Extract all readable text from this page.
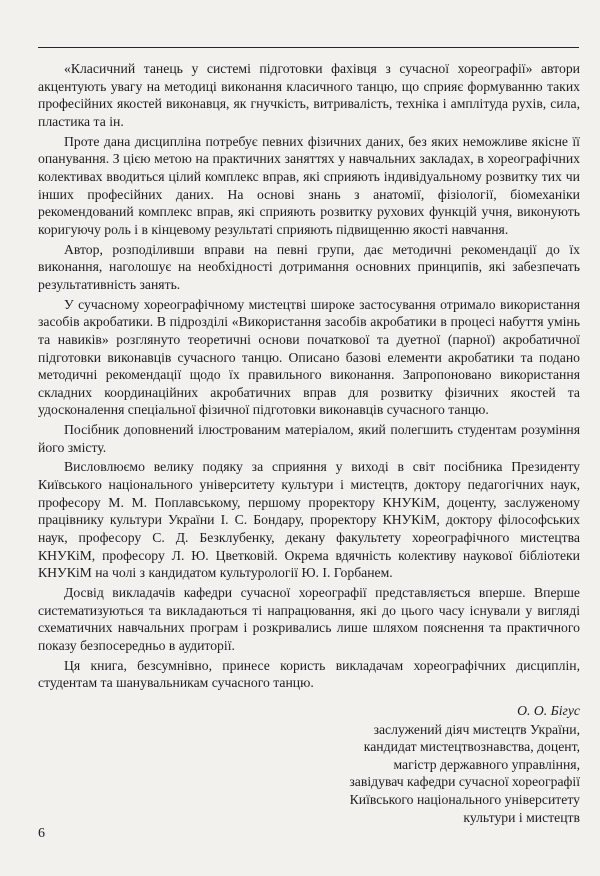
«Класичний танець у системі підготовки фахівця з сучасної хореографії» автори акцентують увагу на методиці виконання класичного танцю, що сприяє формуванню таких професійних якостей виконавця, як гнучкість, витривалість, техніка і амплітуда рухів, сила, пластика та ін.

Проте дана дисципліна потребує певних фізичних даних, без яких неможливе якісне її опанування. З цією метою на практичних заняттях у навчальних закладах, в хореографічних колективах вводиться цілий комплекс вправ, які сприяють індивідуальному розвитку тих чи інших професійних даних. На основі знань з анатомії, фізіології, біомеханіки рекомендований комплекс вправ, які сприяють розвитку рухових функцій учня, виконують коригуючу роль і в кінцевому результаті сприяють підвищенню якості навчання.

Автор, розподіливши вправи на певні групи, дає методичні рекомендації до їх виконання, наголошує на необхідності дотримання основних принципів, які забезпечать результативність занять.

У сучасному хореографічному мистецтві широке застосування отримало використання засобів акробатики. В підрозділі «Використання засобів акробатики в процесі набуття умінь та навиків» розглянуто теоретичні основи початкової та дуетної (парної) акробатичної підготовки виконавців сучасного танцю. Описано базові елементи акробатики та подано методичні рекомендації щодо їх правильного виконання. Запропоновано використання складних координаційних акробатичних вправ для розвитку фізичних якостей та удосконалення спеціальної фізичної підготовки виконавців сучасного танцю.

Посібник доповнений ілюстрованим матеріалом, який полегшить студентам розуміння його змісту.

Висловлюємо велику подяку за сприяння у виході в світ посібника Президенту Київського національного університету культури і мистецтв, доктору педагогічних наук, професору М. М. Поплавському, першому проректору КНУКіМ, доценту, заслуженому працівнику культури України І. С. Бондару, проректору КНУКіМ, доктору філософських наук, професору С. Д. Безклубенку, декану факультету хореографічного мистецтва КНУКіМ, професору Л. Ю. Цветковій. Окрема вдячність колективу наукової бібліотеки КНУКіМ на чолі з кандидатом культурології Ю. І. Горбанем.

Досвід викладачів кафедри сучасної хореографії представляється вперше. Вперше систематизуються та викладаються ті напрацювання, які до цього часу існували у вигляді схематичних навчальних програм і розкривались лише шляхом пояснення та практичного показу безпосередньо в аудиторії.

Ця книга, безсумнівно, принесе користь викладачам хореографічних дисциплін, студентам та шанувальникам сучасного танцю.

О. О. Бігус
заслужений діяч мистецтв України,
кандидат мистецтвознавства, доцент,
магістр державного управління,
завідувач кафедри сучасної хореографії
Київського національного університету
культури і мистецтв
6
